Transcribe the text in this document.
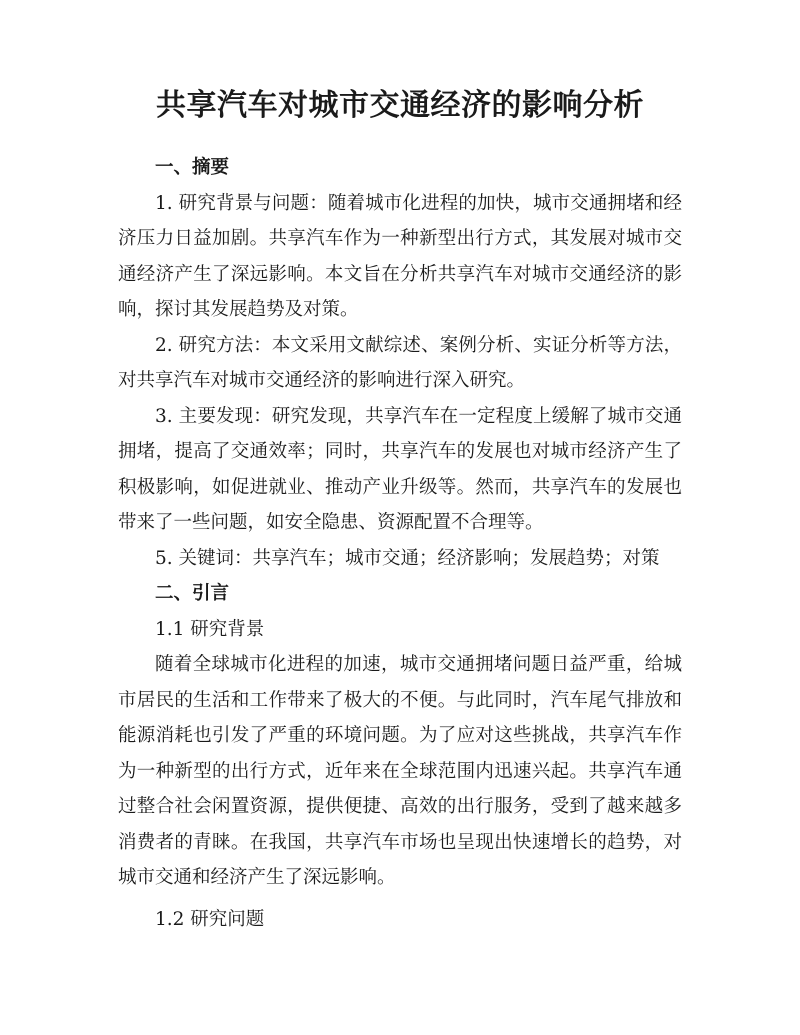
共享汽车对城市交通经济的影响分析
一、摘要

1. 研究背景与问题：随着城市化进程的加快，城市交通拥堵和经济压力日益加剧。共享汽车作为一种新型出行方式，其发展对城市交通经济产生了深远影响。本文旨在分析共享汽车对城市交通经济的影响，探讨其发展趋势及对策。

2. 研究方法：本文采用文献综述、案例分析、实证分析等方法，对共享汽车对城市交通经济的影响进行深入研究。

3. 主要发现：研究发现，共享汽车在一定程度上缓解了城市交通拥堵，提高了交通效率；同时，共享汽车的发展也对城市经济产生了积极影响，如促进就业、推动产业升级等。然而，共享汽车的发展也带来了一些问题，如安全隐患、资源配置不合理等。

5. 关键词：共享汽车；城市交通；经济影响；发展趋势；对策

二、引言
1.1 研究背景

随着全球城市化进程的加速，城市交通拥堵问题日益严重，给城市居民的生活和工作带来了极大的不便。与此同时，汽车尾气排放和能源消耗也引发了严重的环境问题。为了应对这些挑战，共享汽车作为一种新型的出行方式，近年来在全球范围内迅速兴起。共享汽车通过整合社会闲置资源，提供便捷、高效的出行服务，受到了越来越多消费者的青睐。在我国，共享汽车市场也呈现出快速增长的趋势，对城市交通和经济产生了深远影响。

1.2 研究问题
